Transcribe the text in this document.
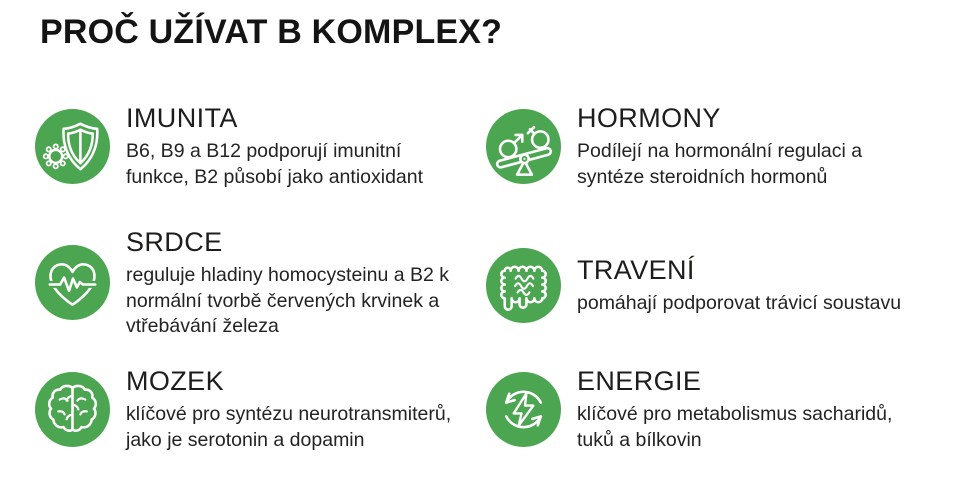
PROČ UŽÍVAT B KOMPLEX?
IMUNITA
B6, B9 a B12 podporují imunitní
funkce, B2 působí jako antioxidant
HORMONY
Podílejí na hormonální regulaci a
syntéze steroidních hormonů
SRDCE
reguluje hladiny homocysteinu a B2 k
normální tvorbě červených krvinek a
vtřebávání železa
TRAVENÍ
pomáhají podporovat trávicí soustavu
MOZEK
klíčové pro syntézu neurotransmiterů,
jako je serotonin a dopamin
ENERGIE
klíčové pro metabolismus sacharidů,
tuků a bílkovin
